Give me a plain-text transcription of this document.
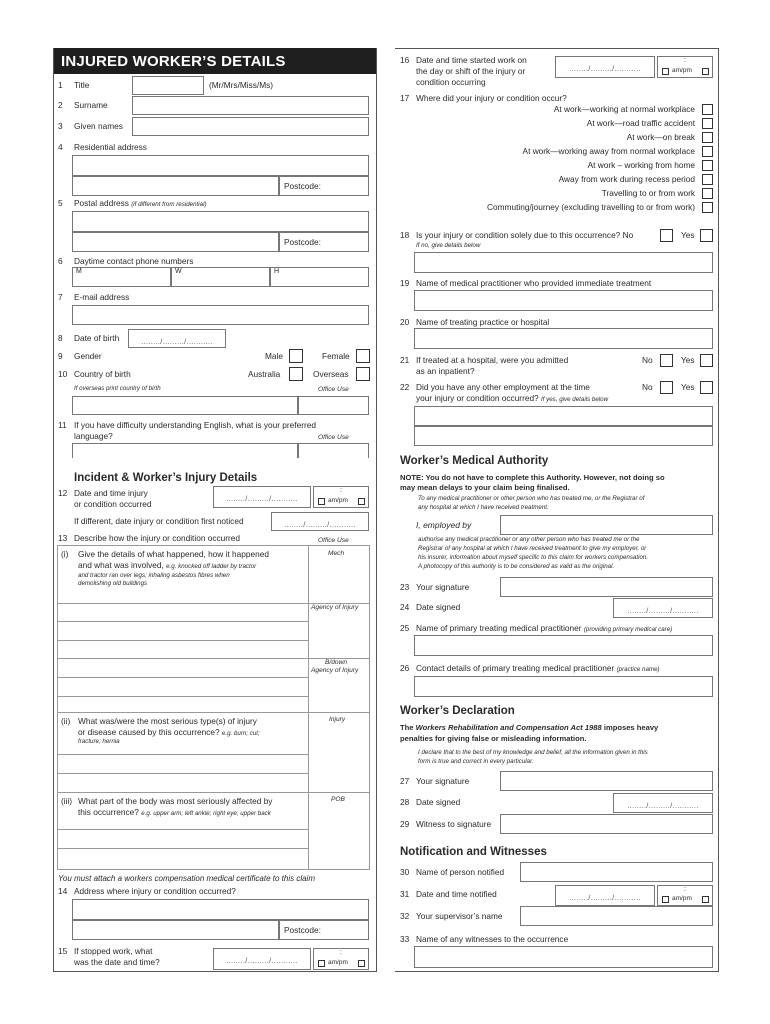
INJURED WORKER’S DETAILS
1 Title	(Mr/Mrs/Miss/Ms)
2 Surname
3 Given names
4 Residential address
Postcode:
5 Postal address (if different from residential)
Postcode:
6 Daytime contact phone numbers
M	W	H
7 E-mail address
8 Date of birth	......../........./...........
9 Gender	Male	Female
10 Country of birth	Australia	Overseas
If overseas print country of birth	Office Use
11 If you have difficulty understanding English, what is your preferred
language?	Office Use
Incident & Worker’s Injury Details
12 Date and time injury
or condition occurred
......../........./...........
:
am/pm
If different, date injury or condition first noticed	......../........./...........
13 Describe how the injury or condition occurred	Office Use
(i) Give the details of what happened, how it happened
and what was involved, e.g. knocked off ladder by tractor
and tractor ran over legs; inhaling asbestos fibres when
demolishing old buildings
Mech
Agency of Injury
B/down
Agency of Injury
(ii) What was/were the most serious type(s) of injury
or disease caused by this occurrence? e.g. burn; cut;
fracture; hernia
Injury
(iii) What part of the body was most seriously affected by
this occurrence? e.g. upper arm; left ankle; right eye; upper back
POB
You must attach a workers compensation medical certificate to this claim
14 Address where injury or condition occurred?
Postcode:
15 If stopped work, what
was the date and time?	......../........./...........
:
am/pm
16 Date and time started work on
the day or shift of the injury or
condition occurring
......../........./...........
:
am/pm
17 Where did your injury or condition occur?
At work—working at normal workplace
At work—road traffic accident
At work—on break
At work—working away from normal workplace
At work – working from home
Away from work during recess period
Travelling to or from work
Commuting/journey (excluding travelling to or from work)
18 Is your injury or condition solely due to this occurrence? No	Yes
If no, give details below
19 Name of medical practitioner who provided immediate treatment
20 Name of treating practice or hospital
21 If treated at a hospital, were you admitted
as an inpatient?
No	Yes
22 Did you have any other employment at the time
your injury or condition occurred? If yes, give details below
No	Yes
Worker’s Medical Authority
NOTE: You do not have to complete this Authority. However, not doing so
may mean delays to your claim being finalised.
To any medical practitioner or other person who has treated me, or the Registrar of
any hospital at which I have received treatment.
I, employed by
authorise any medical practitioner or any other person who has treated me or the
Registrar of any hospital at which I have received treatment to give my employer, or
his insurer, information about myself specific to this claim for workers compensation.
A photocopy of this authority is to be considered as valid as the original.
23 Your signature
24 Date signed	......../........./...........
25 Name of primary treating medical practitioner (providing primary medical care)
26 Contact details of primary treating medical practitioner (practice name)
Worker’s Declaration
The Workers Rehabilitation and Compensation Act 1988 imposes heavy
penalties for giving false or misleading information.
I declare that to the best of my knowledge and belief, all the information given in this
form is true and correct in every particular.
27 Your signature
28 Date signed	......../........./...........
29 Witness to signature
Notification and Witnesses
30 Name of person notified
31 Date and time notified	......../........./...........
:
am/pm
32 Your supervisor’s name
33 Name of any witnesses to the occurrence
